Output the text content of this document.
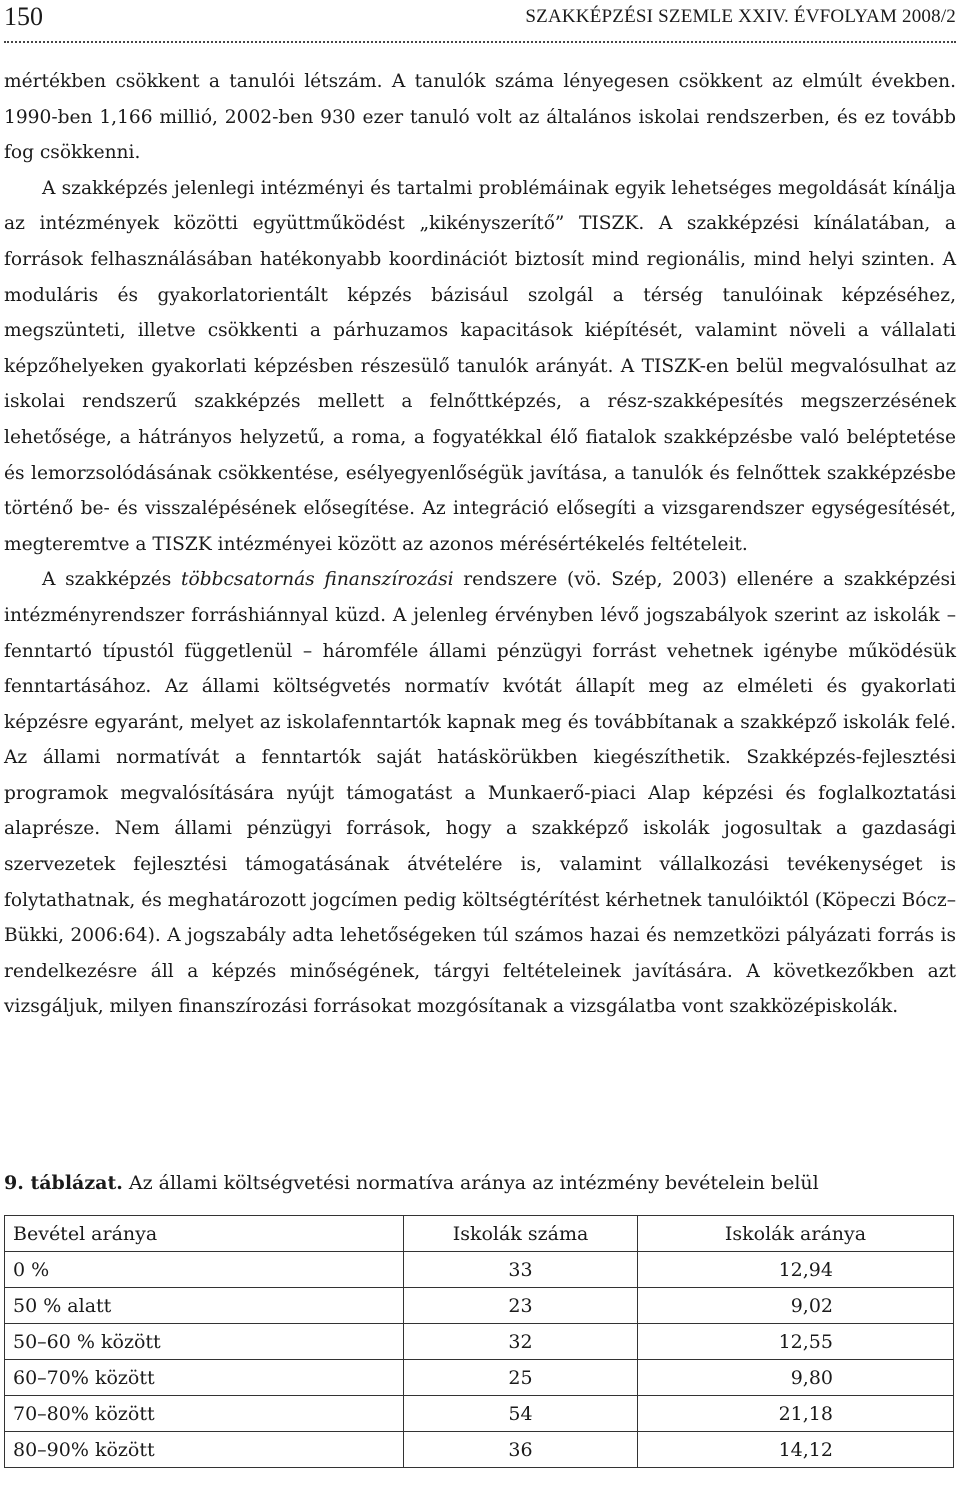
150	SZAKKÉPZÉSI SZEMLE XXIV. ÉVFOLYAM 2008/2

mértékben csökkent a tanulói létszám. A tanulók száma lényegesen csökkent az elmúlt években. 1990-ben 1,166 millió, 2002-ben 930 ezer tanuló volt az általános iskolai rendszerben, és ez tovább fog csökkenni.

A szakképzés jelenlegi intézményi és tartalmi problémáinak egyik lehetséges megoldását kínálja az intézmények közötti együttműködést „kikényszerítő” TISZK. A szakképzési kínálatában, a források felhasználásában hatékonyabb koordinációt biztosít mind regionális, mind helyi szinten. A moduláris és gyakorlatorientált képzés bázisául szolgál a térség tanulóinak képzéséhez, megszünteti, illetve csökkenti a párhuzamos kapacitások kiépítését, valamint növeli a vállalati képzőhelyeken gyakorlati képzésben részesülő tanulók arányát. A TISZK-en belül megvalósulhat az iskolai rendszerű szakképzés mellett a felnőttképzés, a rész-szakképesítés megszerzésének lehetősége, a hátrányos helyzetű, a roma, a fogyatékkal élő fiatalok szakképzésbe való beléptetése és lemorzsolódásának csökkentése, esélyegyenlőségük javítása, a tanulók és felnőttek szakképzésbe történő be- és visszalépésének elősegítése. Az integráció elősegíti a vizsgarendszer egységesítését, megteremtve a TISZK intézményei között az azonos mérésértékelés feltételeit.

A szakképzés többcsatornás finanszírozási rendszere (vö. Szép, 2003) ellenére a szakképzési intézményrendszer forráshiánnyal küzd. A jelenleg érvényben lévő jogszabályok szerint az iskolák – fenntartó típustól függetlenül – háromféle állami pénzügyi forrást vehetnek igénybe működésük fenntartásához. Az állami költségvetés normatív kvótát állapít meg az elméleti és gyakorlati képzésre egyaránt, melyet az iskolafenntartók kapnak meg és továbbítanak a szakképző iskolák felé. Az állami normatívát a fenntartók saját hatáskörükben kiegészíthetik. Szakképzés-fejlesztési programok megvalósítására nyújt támogatást a Munkaerő-piaci Alap képzési és foglalkoztatási alaprésze. Nem állami pénzügyi források, hogy a szakképző iskolák jogosultak a gazdasági szervezetek fejlesztési támogatásának átvételére is, valamint vállalkozási tevékenységet is folytathatnak, és meghatározott jogcímen pedig költségtérítést kérhetnek tanulóiktól (Köpeczi Bócz–Bükki, 2006:64). A jogszabály adta lehetőségeken túl számos hazai és nemzetközi pályázati forrás is rendelkezésre áll a képzés minőségének, tárgyi feltételeinek javítására. A következőkben azt vizsgáljuk, milyen finanszírozási forrásokat mozgósítanak a vizsgálatba vont szakközépiskolák.

9. táblázat. Az állami költségvetési normatíva aránya az intézmény bevételein belül
Bevétel aránya	Iskolák száma	Iskolák aránya
0 %	33	12,94
50 % alatt	23	9,02
50–60 % között	32	12,55
60–70% között	25	9,80
70–80% között	54	21,18
80–90% között	36	14,12
